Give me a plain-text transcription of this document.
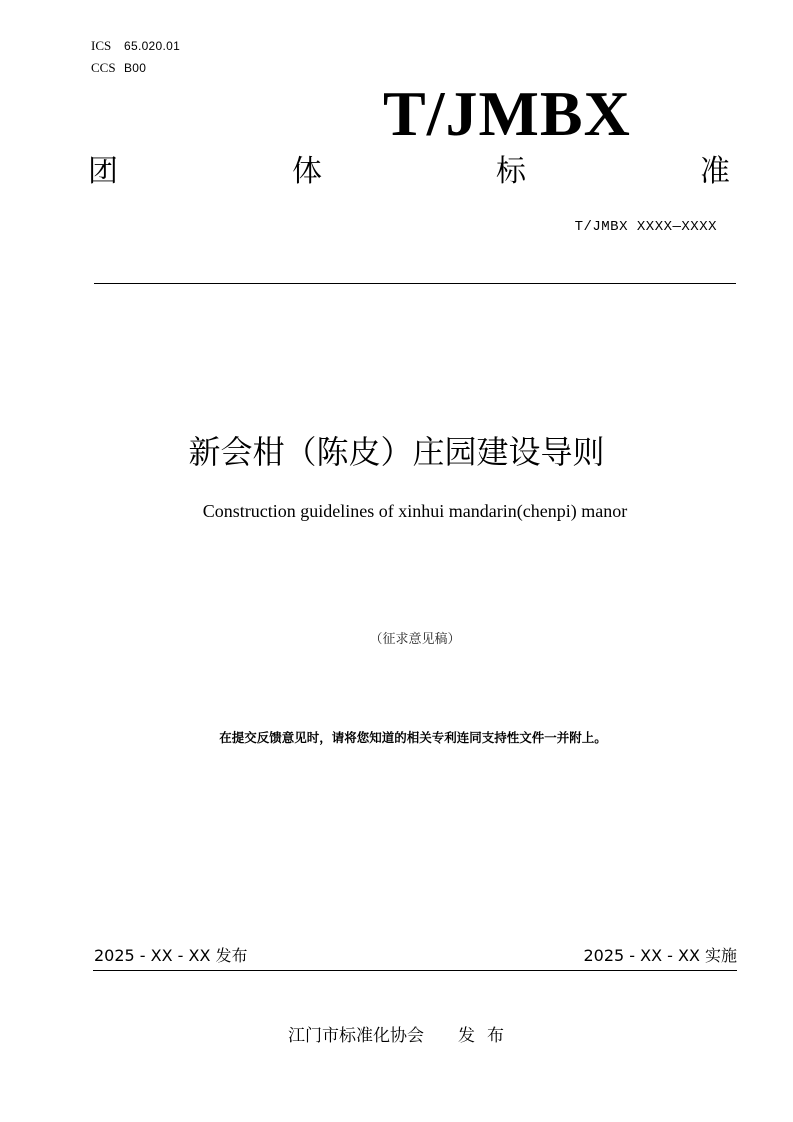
ICS 65.020.01
CCS B00
T/JMBX
团	体	标	准
T/JMBX XXXX—XXXX
新会柑（陈皮）庄园建设导则
Construction guidelines of xinhui mandarin(chenpi) manor
（征求意见稿）
在提交反馈意见时，请将您知道的相关专利连同支持性文件一并附上。
2025 - XX - XX 发布	2025 - XX - XX 实施
江门市标准化协会 发布
